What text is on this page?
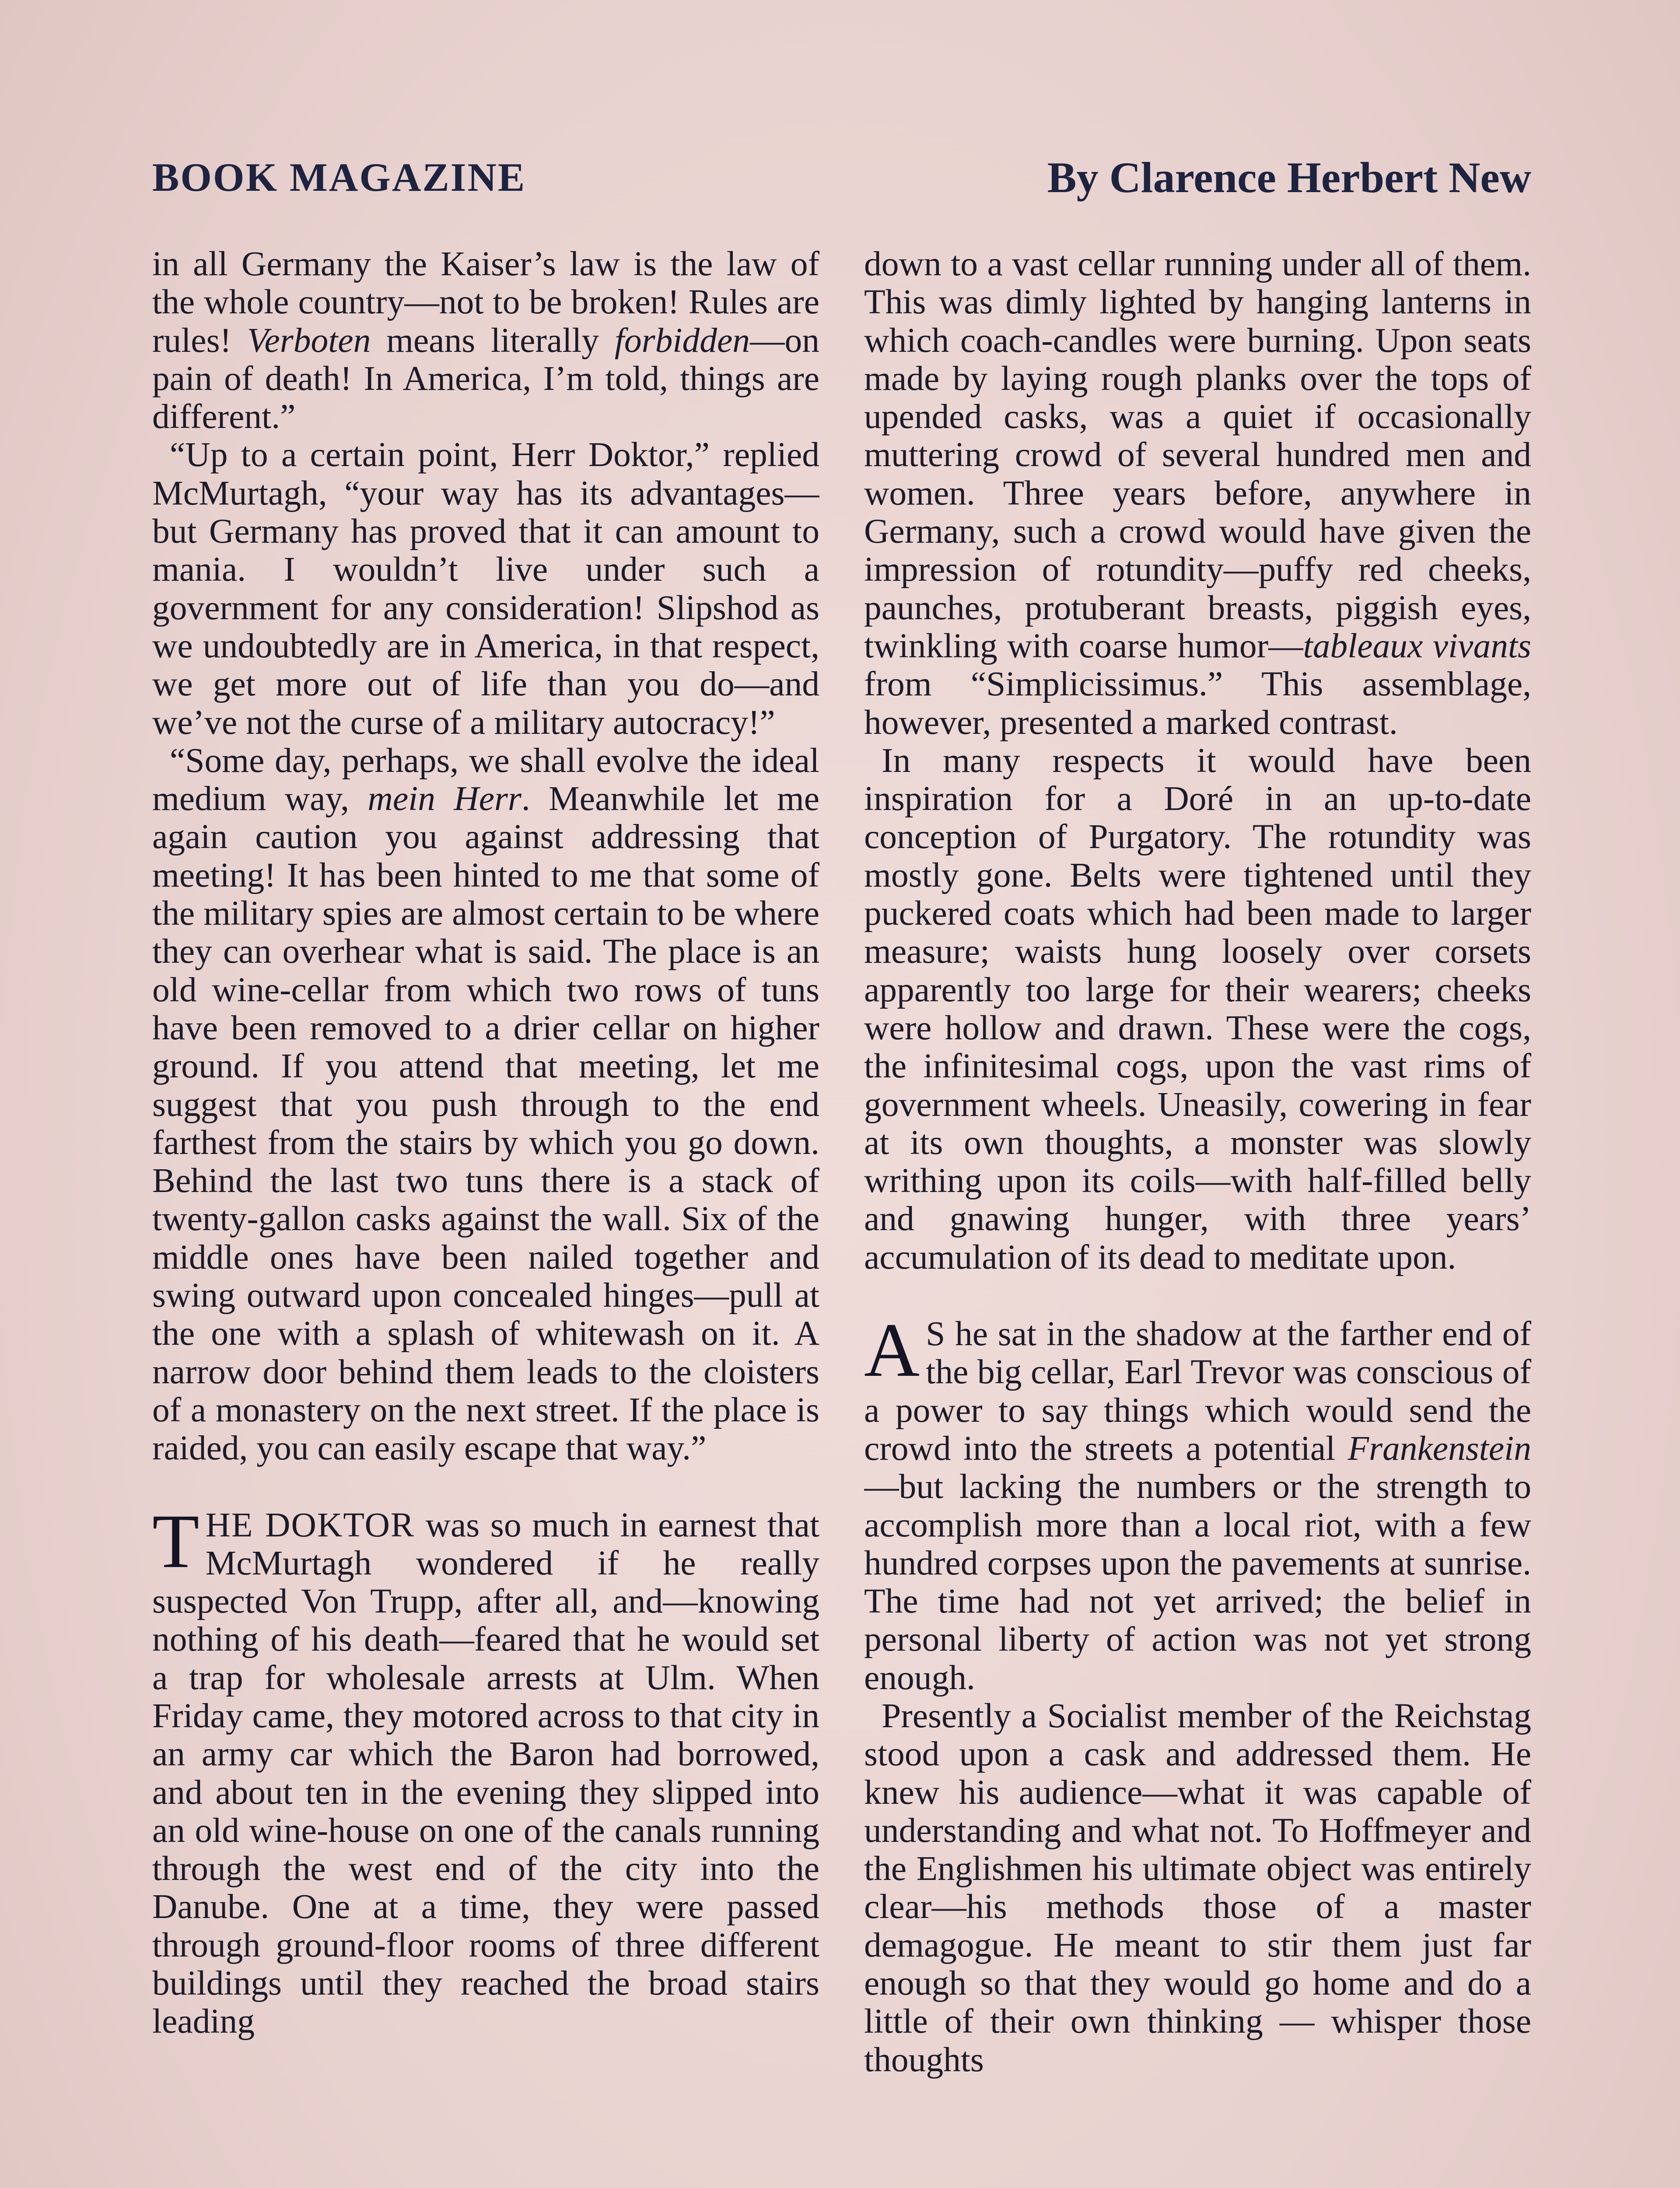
BOOK MAGAZINE	By Clarence Herbert New

in all Germany the Kaiser’s law is the law of the whole country—not to be broken! Rules are rules! Verboten means literally forbidden—on pain of death! In America, I’m told, things are different.”

“Up to a certain point, Herr Doktor,” replied McMurtagh, “your way has its advantages—but Germany has proved that it can amount to mania. I wouldn’t live under such a government for any consideration! Slipshod as we undoubtedly are in America, in that respect, we get more out of life than you do—and we’ve not the curse of a military autocracy!”

“Some day, perhaps, we shall evolve the ideal medium way, mein Herr. Meanwhile let me again caution you against addressing that meeting! It has been hinted to me that some of the military spies are almost certain to be where they can overhear what is said. The place is an old wine-cellar from which two rows of tuns have been removed to a drier cellar on higher ground. If you attend that meeting, let me suggest that you push through to the end farthest from the stairs by which you go down. Behind the last two tuns there is a stack of twenty-gallon casks against the wall. Six of the middle ones have been nailed together and swing outward upon concealed hinges—pull at the one with a splash of whitewash on it. A narrow door behind them leads to the cloisters of a monastery on the next street. If the place is raided, you can easily escape that way.”

THE DOKTOR was so much in earnest that McMurtagh wondered if he really suspected Von Trupp, after all, and—knowing nothing of his death—feared that he would set a trap for wholesale arrests at Ulm. When Friday came, they motored across to that city in an army car which the Baron had borrowed, and about ten in the evening they slipped into an old wine-house on one of the canals running through the west end of the city into the Danube. One at a time, they were passed through ground-floor rooms of three different buildings until they reached the broad stairs leading

down to a vast cellar running under all of them. This was dimly lighted by hanging lanterns in which coach-candles were burning. Upon seats made by laying rough planks over the tops of upended casks, was a quiet if occasionally muttering crowd of several hundred men and women. Three years before, anywhere in Germany, such a crowd would have given the impression of rotundity—puffy red cheeks, paunches, protuberant breasts, piggish eyes, twinkling with coarse humor—tableaux vivants from “Simplicissimus.” This assemblage, however, presented a marked contrast.

In many respects it would have been inspiration for a Doré in an up-to-date conception of Purgatory. The rotundity was mostly gone. Belts were tightened until they puckered coats which had been made to larger measure; waists hung loosely over corsets apparently too large for their wearers; cheeks were hollow and drawn. These were the cogs, the infinitesimal cogs, upon the vast rims of government wheels. Uneasily, cowering in fear at its own thoughts, a monster was slowly writhing upon its coils—with half-filled belly and gnawing hunger, with three years’ accumulation of its dead to meditate upon.

A S he sat in the shadow at the farther end of the big cellar, Earl Trevor was conscious of a power to say things which would send the crowd into the streets a potential Frankenstein—but lacking the numbers or the strength to accomplish more than a local riot, with a few hundred corpses upon the pavements at sunrise. The time had not yet arrived; the belief in personal liberty of action was not yet strong enough.

Presently a Socialist member of the Reichstag stood upon a cask and addressed them. He knew his audience—what it was capable of understanding and what not. To Hoffmeyer and the Englishmen his ultimate object was entirely clear—his methods those of a master demagogue. He meant to stir them just far enough so that they would go home and do a little of their own thinking — whisper those thoughts
